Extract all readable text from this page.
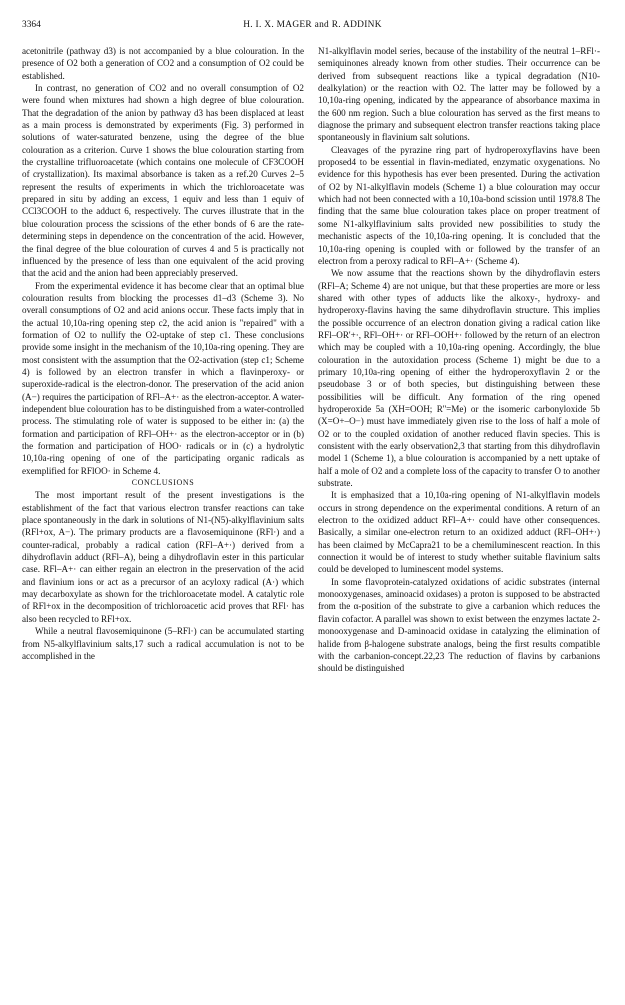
3364	H. I. X. MAGER and R. ADDINK

acetonitrile (pathway d3) is not accompanied by a blue colouration. In the presence of O2 both a generation of CO2 and a consumption of O2 could be established.

In contrast, no generation of CO2 and no overall consumption of O2 were found when mixtures had shown a high degree of blue colouration. That the degradation of the anion by pathway d3 has been displaced at least as a main process is demonstrated by experiments (Fig. 3) performed in solutions of water-saturated benzene, using the degree of the blue colouration as a criterion. Curve 1 shows the blue colouration starting from the crystalline trifluoroacetate (which contains one molecule of CF3COOH of crystallization). Its maximal absorbance is taken as a ref.20 Curves 2–5 represent the results of experiments in which the trichloroacetate was prepared in situ by adding an excess, 1 equiv and less than 1 equiv of CCl3COOH to the adduct 6, respectively. The curves illustrate that in the blue colouration process the scissions of the ether bonds of 6 are the rate-determining steps in dependence on the concentration of the acid. However, the final degree of the blue colouration of curves 4 and 5 is practically not influenced by the presence of less than one equivalent of the acid proving that the acid and the anion had been appreciably preserved.

From the experimental evidence it has become clear that an optimal blue colouration results from blocking the processes d1–d3 (Scheme 3). No overall consumptions of O2 and acid anions occur. These facts imply that in the actual 10,10a-ring opening step c2, the acid anion is "repaired" with a formation of O2 to nullify the O2-uptake of step c1. These conclusions provide some insight in the mechanism of the 10,10a-ring opening. They are most consistent with the assumption that the O2-activation (step c1; Scheme 4) is followed by an electron transfer in which a flavinperoxy- or superoxide-radical is the electron-donor. The preservation of the acid anion (A−) requires the participation of RFl–A+· as the electron-acceptor. A water-independent blue colouration has to be distinguished from a water-controlled process. The stimulating role of water is supposed to be either in: (a) the formation and participation of RFl–OH+· as the electron-acceptor or in (b) the formation and participation of HOO· radicals or in (c) a hydrolytic 10,10a-ring opening of one of the participating organic radicals as exemplified for RFlOO· in Scheme 4.

CONCLUSIONS

The most important result of the present investigations is the establishment of the fact that various electron transfer reactions can take place spontaneously in the dark in solutions of N1-(N5)-alkylflavinium salts (RFl+ox, A−). The primary products are a flavosemiquinone (RFl·) and a counter-radical, probably a radical cation (RFl–A+·) derived from a dihydroflavin adduct (RFl–A), being a dihydroflavin ester in this particular case. RFl–A+· can either regain an electron in the preservation of the acid and flavinium ions or act as a precursor of an acyloxy radical (A·) which may decarboxylate as shown for the trichloroacetate model. A catalytic role of RFl+ox in the decomposition of trichloroacetic acid proves that RFl· has also been recycled to RFl+ox.

While a neutral flavosemiquinone (5–RFl·) can be accumulated starting from N5-alkylflavinium salts,17 such a radical accumulation is not to be accomplished in the

N1-alkylflavin model series, because of the instability of the neutral 1–RFl·-semiquinones already known from other studies. Their occurrence can be derived from subsequent reactions like a typical degradation (N10-dealkylation) or the reaction with O2. The latter may be followed by a 10,10a-ring opening, indicated by the appearance of absorbance maxima in the 600 nm region. Such a blue colouration has served as the first means to diagnose the primary and subsequent electron transfer reactions taking place spontaneously in flavinium salt solutions.

Cleavages of the pyrazine ring part of hydroperoxyflavins have been proposed4 to be essential in flavin-mediated, enzymatic oxygenations. No evidence for this hypothesis has ever been presented. During the activation of O2 by N1-alkylflavin models (Scheme 1) a blue colouration may occur which had not been connected with a 10,10a-bond scission until 1978.8 The finding that the same blue colouration takes place on proper treatment of some N1-alkylflavinium salts provided new possibilities to study the mechanistic aspects of the 10,10a-ring opening. It is concluded that the 10,10a-ring opening is coupled with or followed by the transfer of an electron from a peroxy radical to RFl–A+· (Scheme 4).

We now assume that the reactions shown by the dihydroflavin esters (RFl–A; Scheme 4) are not unique, but that these properties are more or less shared with other types of adducts like the alkoxy-, hydroxy- and hydroperoxy-flavins having the same dihydroflavin structure. This implies the possible occurrence of an electron donation giving a radical cation like RFl–OR'+·, RFl–OH+· or RFl–OOH+· followed by the return of an electron which may be coupled with a 10,10a-ring opening. Accordingly, the blue colouration in the autoxidation process (Scheme 1) might be due to a primary 10,10a-ring opening of either the hydroperoxyflavin 2 or the pseudobase 3 or of both species, but distinguishing between these possibilities will be difficult. Any formation of the ring opened hydroperoxide 5a (XH=OOH; R''=Me) or the isomeric carbonyloxide 5b (X=O+–O−) must have immediately given rise to the loss of half a mole of O2 or to the coupled oxidation of another reduced flavin species. This is consistent with the early observation2,3 that starting from this dihydroflavin model 1 (Scheme 1), a blue colouration is accompanied by a nett uptake of half a mole of O2 and a complete loss of the capacity to transfer O to another substrate.

It is emphasized that a 10,10a-ring opening of N1-alkylflavin models occurs in strong dependence on the experimental conditions. A return of an electron to the oxidized adduct RFl–A+· could have other consequences. Basically, a similar one-electron return to an oxidized adduct (RFl–OH+·) has been claimed by McCapra21 to be a chemiluminescent reaction. In this connection it would be of interest to study whether suitable flavinium salts could be developed to luminescent model systems.

In some flavoprotein-catalyzed oxidations of acidic substrates (internal monooxygenases, aminoacid oxidases) a proton is supposed to be abstracted from the α-position of the substrate to give a carbanion which reduces the flavin cofactor. A parallel was shown to exist between the enzymes lactate 2-monooxygenase and D-aminoacid oxidase in catalyzing the elimination of halide from β-halogene substrate analogs, being the first results compatible with the carbanion-concept.22,23 The reduction of flavins by carbanions should be distinguished
